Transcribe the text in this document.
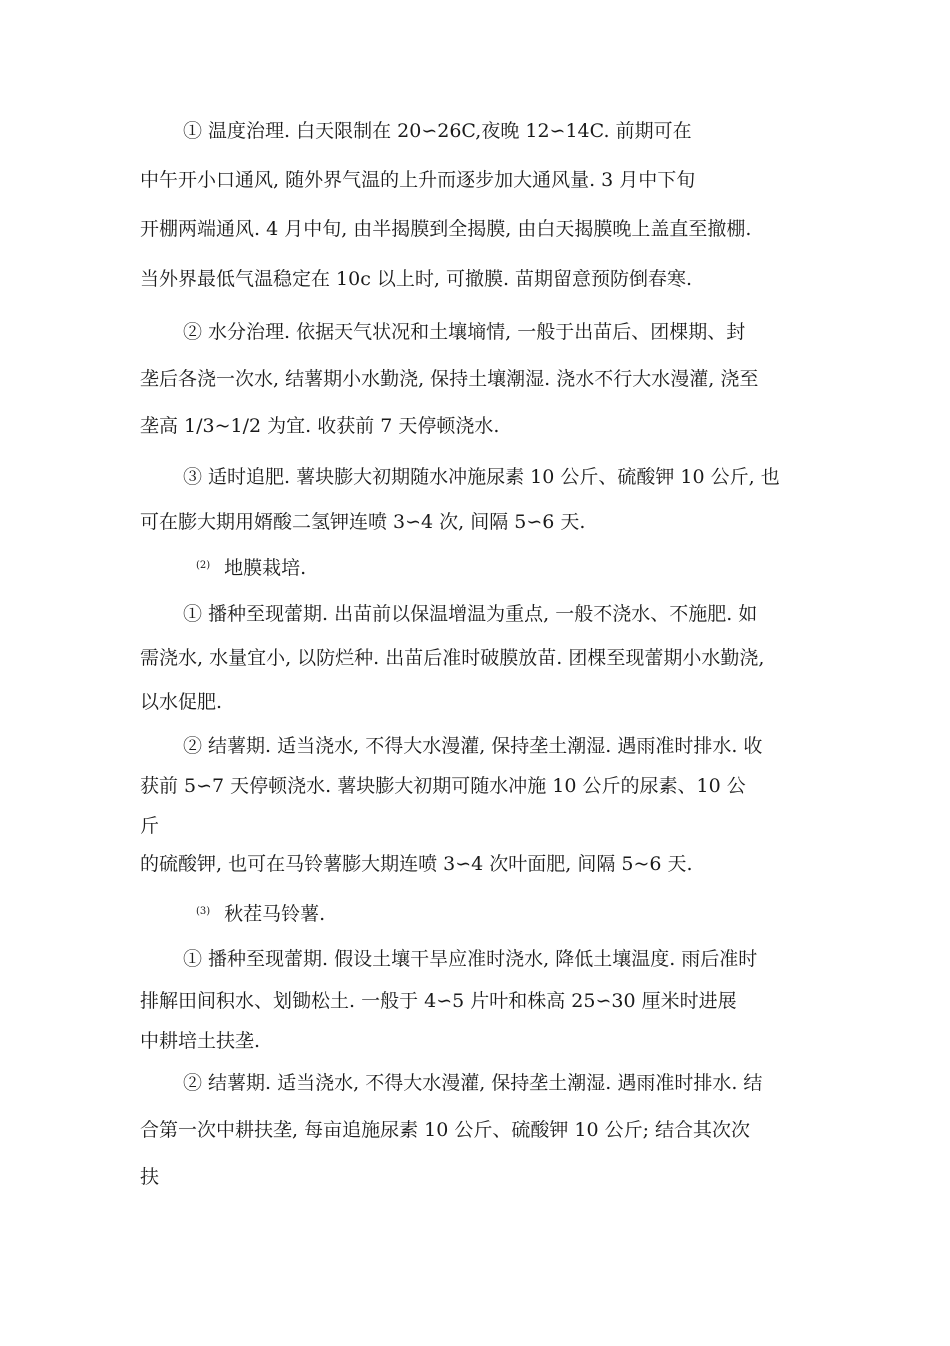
① 温度治理. 白天限制在 20∽26C,夜晚 12∽14C. 前期可在
中午开小口通风, 随外界气温的上升而逐步加大通风量. 3 月中下旬
开棚两端通风. 4 月中旬, 由半揭膜到全揭膜, 由白天揭膜晚上盖直至撤棚.
当外界最低气温稳定在 10c 以上时, 可撤膜. 苗期留意预防倒春寒.
② 水分治理. 依据天气状况和土壤墒情, 一般于出苗后、团棵期、封
垄后各浇一次水, 结薯期小水勤浇, 保持土壤潮湿. 浇水不行大水漫灌, 浇至
垄高 1/3~1/2 为宜. 收获前 7 天停顿浇水.
③ 适时追肥. 薯块膨大初期随水冲施尿素 10 公斤、硫酸钾 10 公斤, 也
可在膨大期用婿酸二氢钾连喷 3∽4 次, 间隔 5∽6 天.
$^{(2)}$ 地膜栽培.
① 播种至现蕾期. 出苗前以保温增温为重点, 一般不浇水、不施肥. 如
需浇水, 水量宜小, 以防烂种. 出苗后准时破膜放苗. 团棵至现蕾期小水勤浇,
以水促肥.
② 结薯期. 适当浇水, 不得大水漫灌, 保持垄土潮湿. 遇雨准时排水. 收
获前 5∽7 天停顿浇水. 薯块膨大初期可随水冲施 10 公斤的尿素、10 公
斤
的硫酸钾, 也可在马铃薯膨大期连喷 3∽4 次叶面肥, 间隔 5~6 天.
$^{(3)}$ 秋茬马铃薯.
① 播种至现蕾期. 假设土壤干旱应准时浇水, 降低土壤温度. 雨后准时
排解田间积水、划锄松土. 一般于 4∽5 片叶和株高 25∽30 厘米时进展
中耕培土扶垄.
② 结薯期. 适当浇水, 不得大水漫灌, 保持垄土潮湿. 遇雨准时排水. 结
合第一次中耕扶垄, 每亩追施尿素 10 公斤、硫酸钾 10 公斤; 结合其次次
扶
